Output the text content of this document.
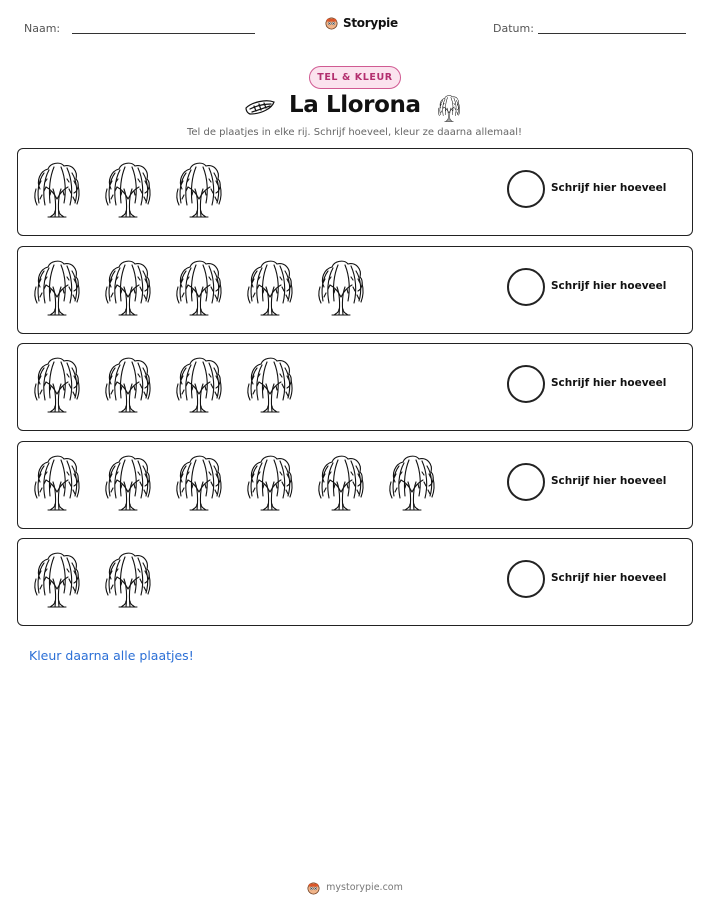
Naam:	Storypie	Datum:
TEL & KLEUR
La Llorona
Tel de plaatjes in elke rij. Schrijf hoeveel, kleur ze daarna allemaal!
Schrijf hier hoeveel
Schrijf hier hoeveel
Schrijf hier hoeveel
Schrijf hier hoeveel
Schrijf hier hoeveel
Kleur daarna alle plaatjes!
mystorypie.com
